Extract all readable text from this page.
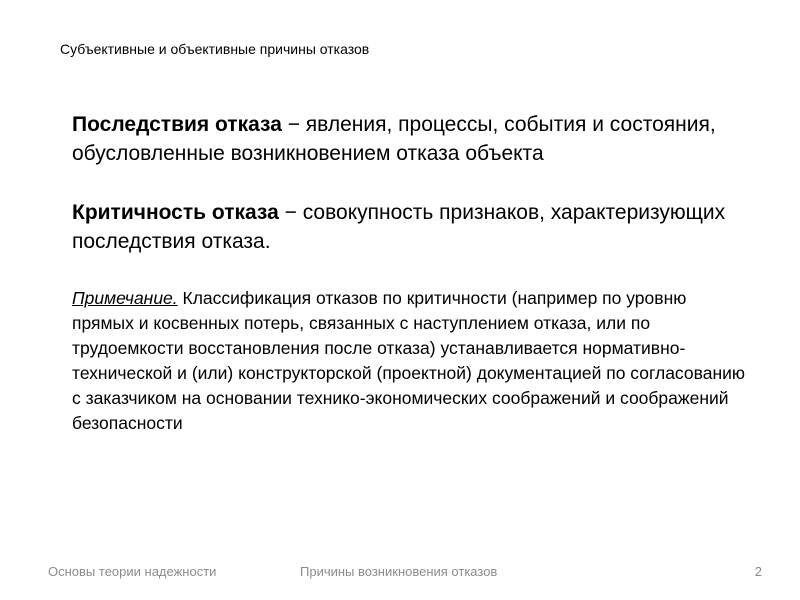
Субъективные и объективные причины отказов

Последствия отказа − явления, процессы, события и состояния, обусловленные возникновением отказа объекта

Критичность отказа − совокупность признаков, характеризующих последствия отказа.

Примечание. Классификация отказов по критичности (например по уровню прямых и косвенных потерь, связанных с наступлением отказа, или по трудоемкости восстановления после отказа) устанавливается нормативно-технической и (или) конструкторской (проектной) документацией по согласованию с заказчиком на основании технико-экономических соображений и соображений безопасности

Основы теории надежности	Причины возникновения отказов	2
